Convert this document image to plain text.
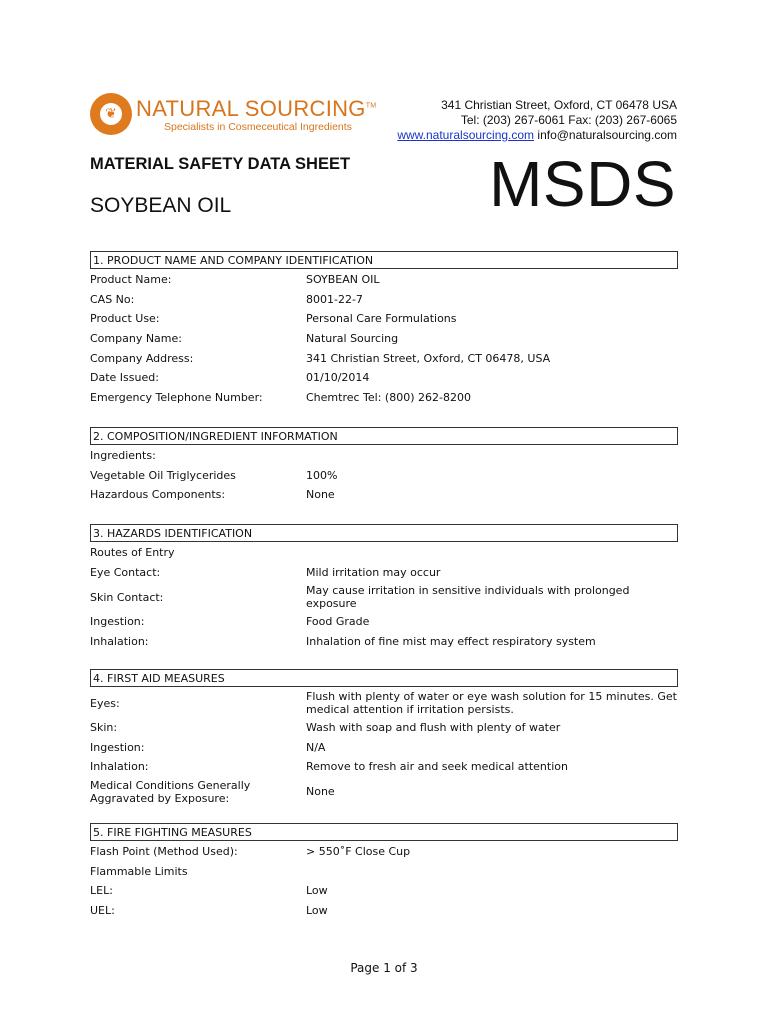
❦ NATURAL SOURCING™
Specialists in Cosmeceutical Ingredients
341 Christian Street, Oxford, CT 06478 USA
Tel: (203) 267-6061 Fax: (203) 267-6065
www.naturalsourcing.com info@naturalsourcing.com
MATERIAL SAFETY DATA SHEET
SOYBEAN OIL	MSDS
1. PRODUCT NAME AND COMPANY IDENTIFICATION
Product Name:	SOYBEAN OIL
CAS No:	8001-22-7
Product Use:	Personal Care Formulations
Company Name:	Natural Sourcing
Company Address:	341 Christian Street, Oxford, CT 06478, USA
Date Issued:	01/10/2014
Emergency Telephone Number:	Chemtrec Tel: (800) 262-8200
2. COMPOSITION/INGREDIENT INFORMATION
Ingredients:
Vegetable Oil Triglycerides	100%
Hazardous Components:	None
3. HAZARDS IDENTIFICATION
Routes of Entry
Eye Contact:	Mild irritation may occur
Skin Contact:	May cause irritation in sensitive individuals with prolonged exposure
Ingestion:	Food Grade
Inhalation:	Inhalation of fine mist may effect respiratory system
4. FIRST AID MEASURES
Eyes:	Flush with plenty of water or eye wash solution for 15 minutes. Get medical attention if irritation persists.
Skin:	Wash with soap and flush with plenty of water
Ingestion:	N/A
Inhalation:	Remove to fresh air and seek medical attention
Medical Conditions Generally Aggravated by Exposure:	None
5. FIRE FIGHTING MEASURES
Flash Point (Method Used):	> 550˚F Close Cup
Flammable Limits
LEL:	Low
UEL:	Low
Page 1 of 3
